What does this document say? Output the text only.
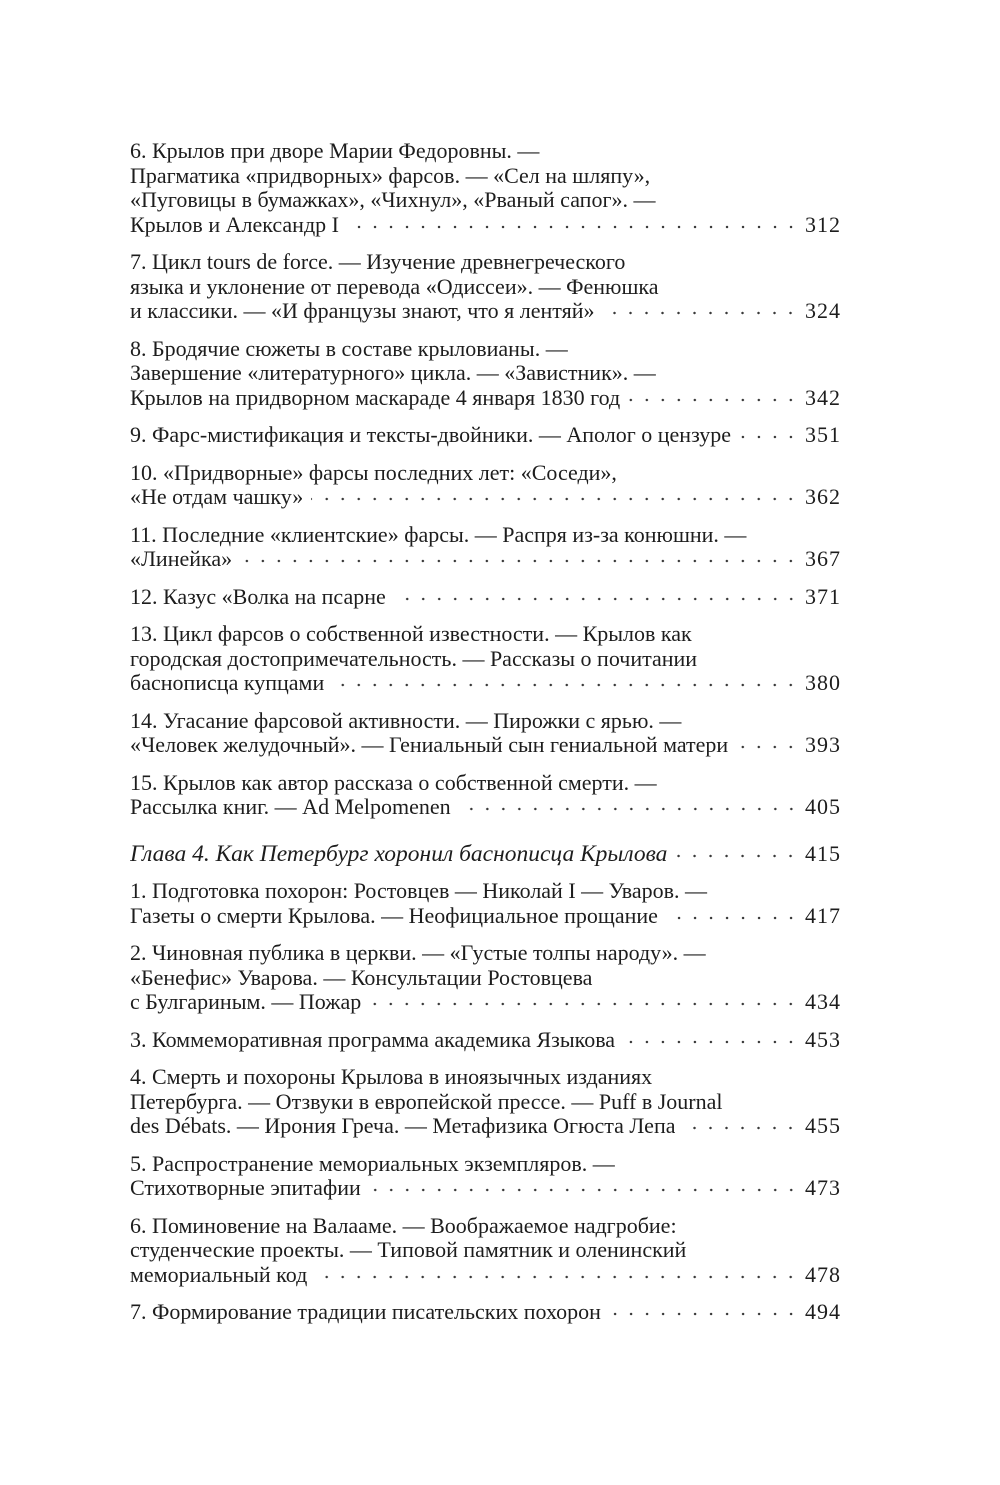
6. Крылов при дворе Марии Федоровны. —
Прагматика «придворных» фарсов. — «Сел на шляпу»,
«Пуговицы в бумажках», «Чихнул», «Рваный сапог». —
Крылов и Александр I	312
7. Цикл tours de force. — Изучение древнегреческого
языка и уклонение от перевода «Одиссеи». — Фенюшка
и классики. — «И французы знают, что я лентяй»	324
8. Бродячие сюжеты в составе крыловианы. —
Завершение «литературного» цикла. — «Завистник». —
Крылов на придворном маскараде 4 января 1830 год	342
9. Фарс-мистификация и тексты-двойники. — Аполог о цензуре	351
10. «Придворные» фарсы последних лет: «Соседи»,
«Не отдам чашку»	362
11. Последние «клиентские» фарсы. — Распря из-за конюшни. —
«Линейка»	367
12. Казус «Волка на псарне	371
13. Цикл фарсов о собственной известности. — Крылов как
городская достопримечательность. — Рассказы о почитании
баснописца купцами	380
14. Угасание фарсовой активности. — Пирожки с ярью. —
«Человек желудочный». — Гениальный сын гениальной матери	393
15. Крылов как автор рассказа о собственной смерти. —
Рассылка книг. — Ad Melpomenen	405
Глава 4. Как Петербург хоронил баснописца Крылова	415
1. Подготовка похорон: Ростовцев — Николай I — Уваров. —
Газеты о смерти Крылова. — Неофициальное прощание	417
2. Чиновная публика в церкви. — «Густые толпы народу». —
«Бенефис» Уварова. — Консультации Ростовцева
с Булгариным. — Пожар	434
3. Коммеморативная программа академика Языкова	453
4. Смерть и похороны Крылова в иноязычных изданиях
Петербурга. — Отзвуки в европейской прессе. — Puff в Journal
des Débats. — Ирония Греча. — Метафизика Огюста Лепа	455
5. Распространение мемориальных экземпляров. —
Стихотворные эпитафии	473
6. Поминовение на Валааме. — Воображаемое надгробие:
студенческие проекты. — Типовой памятник и оленинский
мемориальный код	478
7. Формирование традиции писательских похорон	494
